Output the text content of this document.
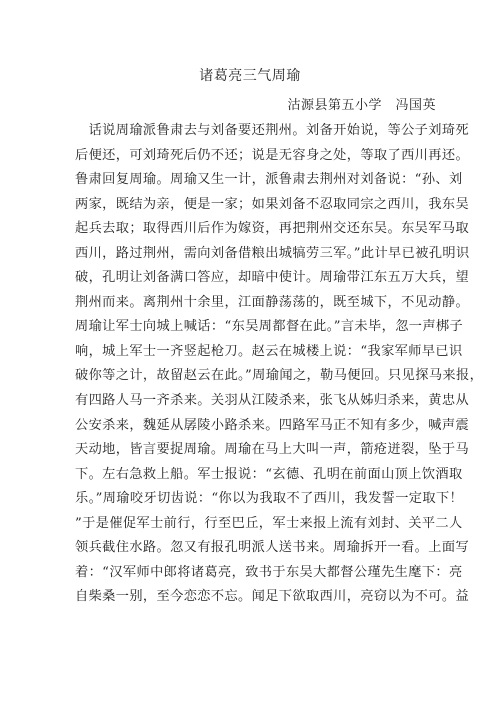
诸葛亮三气周瑜
沽源县第五小学　冯国英
　话说周瑜派鲁肃去与刘备要还荆州。刘备开始说，等公子刘琦死
后便还，可刘琦死后仍不还；说是无容身之处，等取了西川再还。
鲁肃回复周瑜。周瑜又生一计，派鲁肃去荆州对刘备说：“孙、刘
两家，既结为亲，便是一家；如果刘备不忍取同宗之西川，我东吴
起兵去取；取得西川后作为嫁资，再把荆州交还东吴。东吴军马取
西川，路过荆州，需向刘备借粮出城犒劳三军。”此计早已被孔明识
破，孔明让刘备满口答应，却暗中使计。周瑜带江东五万大兵，望
荆州而来。离荆州十余里，江面静荡荡的，既至城下，不见动静。
周瑜让军士向城上喊话：“东吴周都督在此。”言未毕，忽一声梆子
响，城上军士一齐竖起枪刀。赵云在城楼上说：“我家军师早已识
破你等之计，故留赵云在此。”周瑜闻之，勒马便回。只见探马来报，
有四路人马一齐杀来。关羽从江陵杀来，张飞从姊归杀来，黄忠从
公安杀来，魏延从孱陵小路杀来。四路军马正不知有多少，喊声震
天动地，皆言要捉周瑜。周瑜在马上大叫一声，箭疮迸裂，坠于马
下。左右急救上船。军士报说：“玄德、孔明在前面山顶上饮酒取
乐。”周瑜咬牙切齿说：“你以为我取不了西川，我发誓一定取下！
”于是催促军士前行，行至巴丘，军士来报上流有刘封、关平二人
领兵截住水路。忽又有报孔明派人送书来。周瑜拆开一看。上面写
着：“汉军师中郎将诸葛亮，致书于东吴大都督公瑾先生麾下：亮
自柴桑一别，至今恋恋不忘。闻足下欲取西川，亮窃以为不可。益
